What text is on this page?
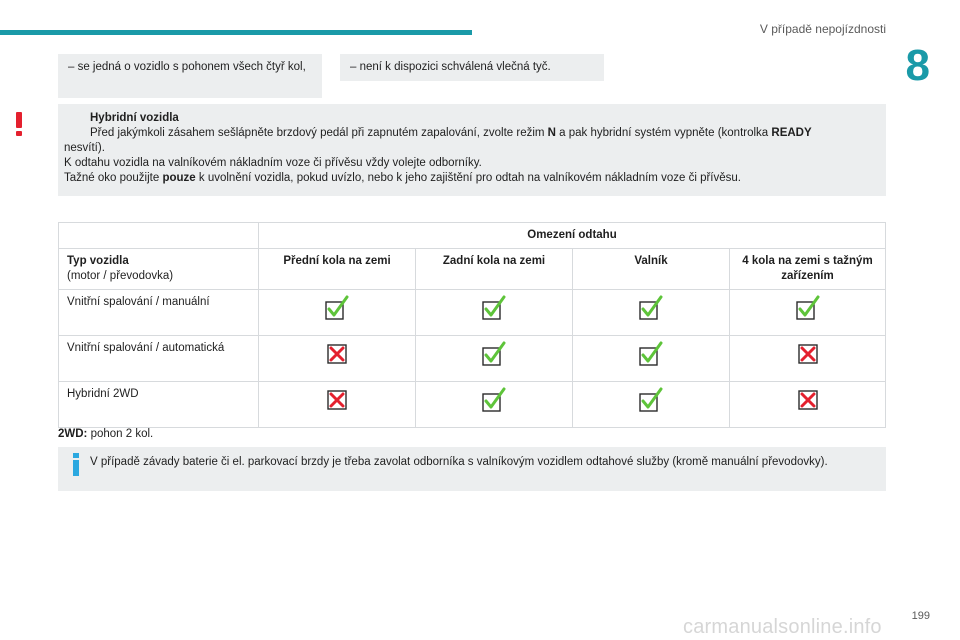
V případě nepojízdnosti
8
– se jedná o vozidlo s pohonem všech čtyř kol,	– není k dispozici schválená vlečná tyč.
Hybridní vozidla
Před jakýmkoli zásahem sešlápněte brzdový pedál při zapnutém zapalování, zvolte režim N a pak hybridní systém vypněte (kontrolka READY
nesvítí).
K odtahu vozidla na valníkovém nákladním voze či přívěsu vždy volejte odborníky.
Tažné oko použijte pouze k uvolnění vozidla, pokud uvízlo, nebo k jeho zajištění pro odtah na valníkovém nákladním voze či přívěsu.
	Omezení odtahu			

Typ vozidla
(motor / převodovka)	Přední kola na zemi	Zadní kola na zemi	Valník	4 kola na zemi s tažným zařízením
Vnitřní spalování / manuální				
Vnitřní spalování / automatická				
Hybridní 2WD				
2WD: pohon 2 kol.
V případě závady baterie či el. parkovací brzdy je třeba zavolat odborníka s valníkovým vozidlem odtahové služby (kromě manuální převodovky).
199
carmanualsonline.info
